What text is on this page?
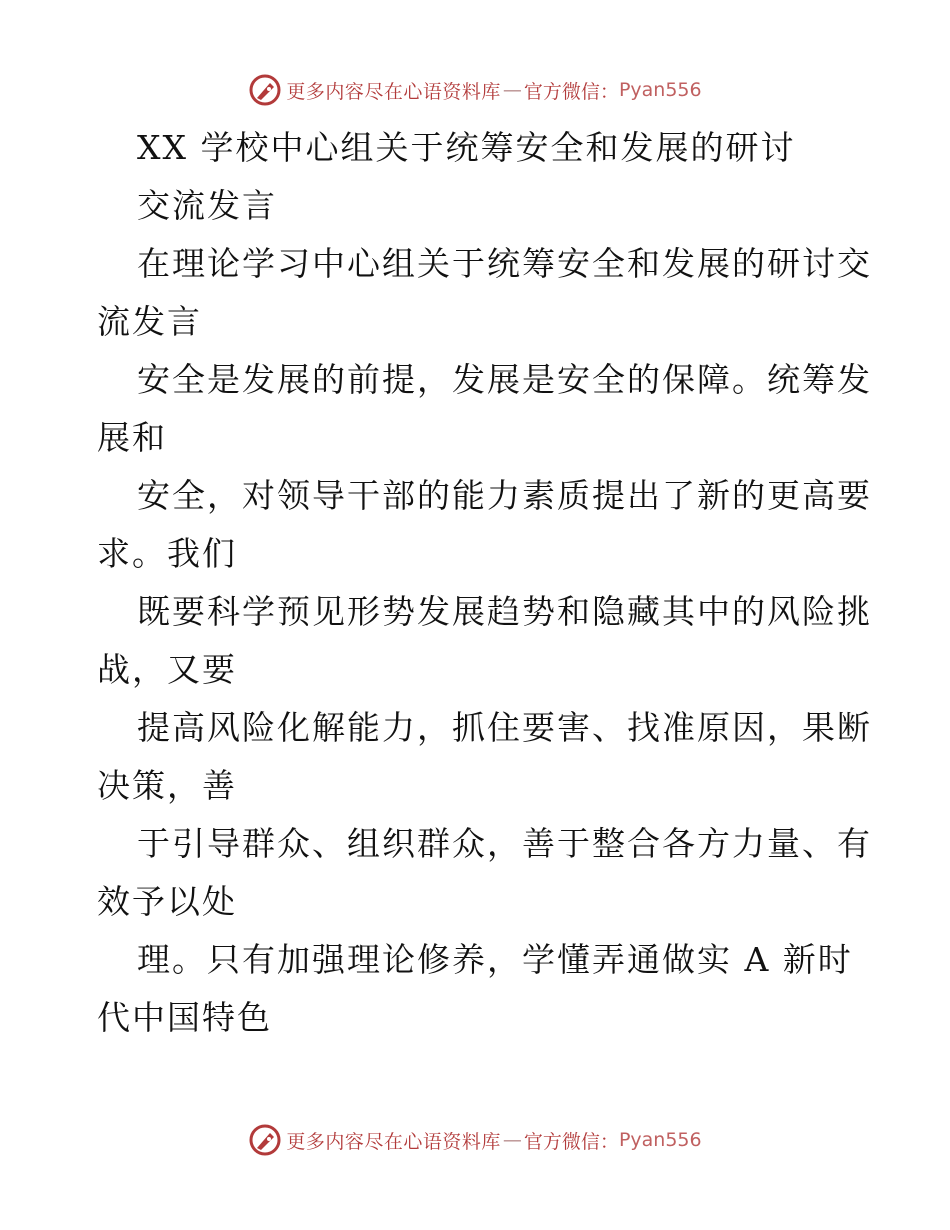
更多内容尽在心语资料库 — 官方微信： Pyan556
XX 学校中心组关于统筹安全和发展的研讨
交流发言
在理论学习中心组关于统筹安全和发展的研讨交
流发言
安全是发展的前提，发展是安全的保障。统筹发
展和
安全，对领导干部的能力素质提出了新的更高要
求。我们
既要科学预见形势发展趋势和隐藏其中的风险挑
战，又要
提高风险化解能力，抓住要害、找准原因，果断
决策，善
于引导群众、组织群众，善于整合各方力量、有
效予以处
理。只有加强理论修养，学懂弄通做实 A 新时
代中国特色
更多内容尽在心语资料库 — 官方微信： Pyan556
